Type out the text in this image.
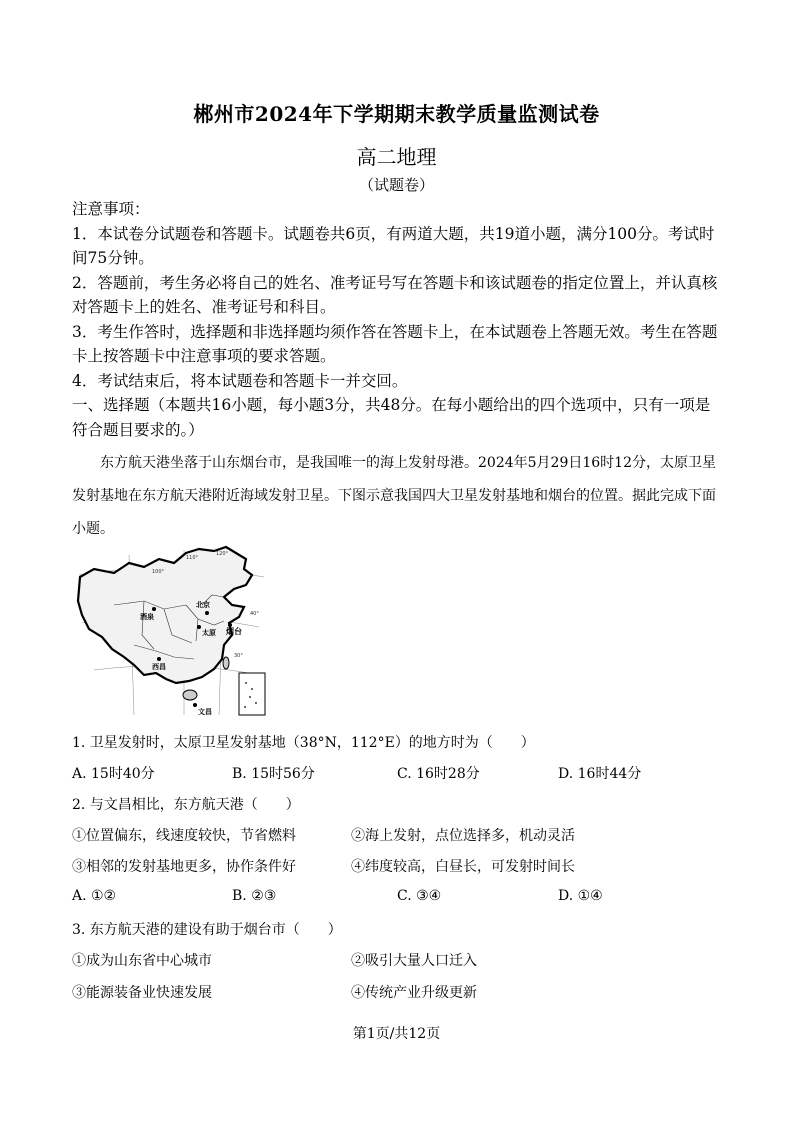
郴州市2024年下学期期末教学质量监测试卷
高二地理
（试题卷）

注意事项：

1．本试卷分试题卷和答题卡。试题卷共6页，有两道大题，共19道小题，满分100分。考试时间75分钟。

2．答题前，考生务必将自己的姓名、准考证号写在答题卡和该试题卷的指定位置上，并认真核对答题卡上的姓名、准考证号和科目。

3．考生作答时，选择题和非选择题均须作答在答题卡上，在本试题卷上答题无效。考生在答题卡上按答题卡中注意事项的要求答题。

4．考试结束后，将本试题卷和答题卡一并交回。

一、选择题（本题共16小题，每小题3分，共48分。在每小题给出的四个选项中，只有一项是符合题目要求的。）

东方航天港坐落于山东烟台市，是我国唯一的海上发射母港。2024年5月29日16时12分，太原卫星发射基地在东方航天港附近海域发射卫星。下图示意我国四大卫星发射基地和烟台的位置。据此完成下面小题。
北京
烟台
酒泉
太原
西昌
文昌
100°
110°
120°
40°
30°
1. 卫星发射时，太原卫星发射基地（38°N，112°E）的地方时为（　　）
A. 15时40分	B. 15时56分	C. 16时28分	D. 16时44分
2. 与文昌相比，东方航天港（　　）
①位置偏东，线速度较快，节省燃料	②海上发射，点位选择多，机动灵活
③相邻的发射基地更多，协作条件好	④纬度较高，白昼长，可发射时间长
A. ①②	B. ②③	C. ③④	D. ①④
3. 东方航天港的建设有助于烟台市（　　）
①成为山东省中心城市	②吸引大量人口迁入
③能源装备业快速发展	④传统产业升级更新
第1页/共12页
